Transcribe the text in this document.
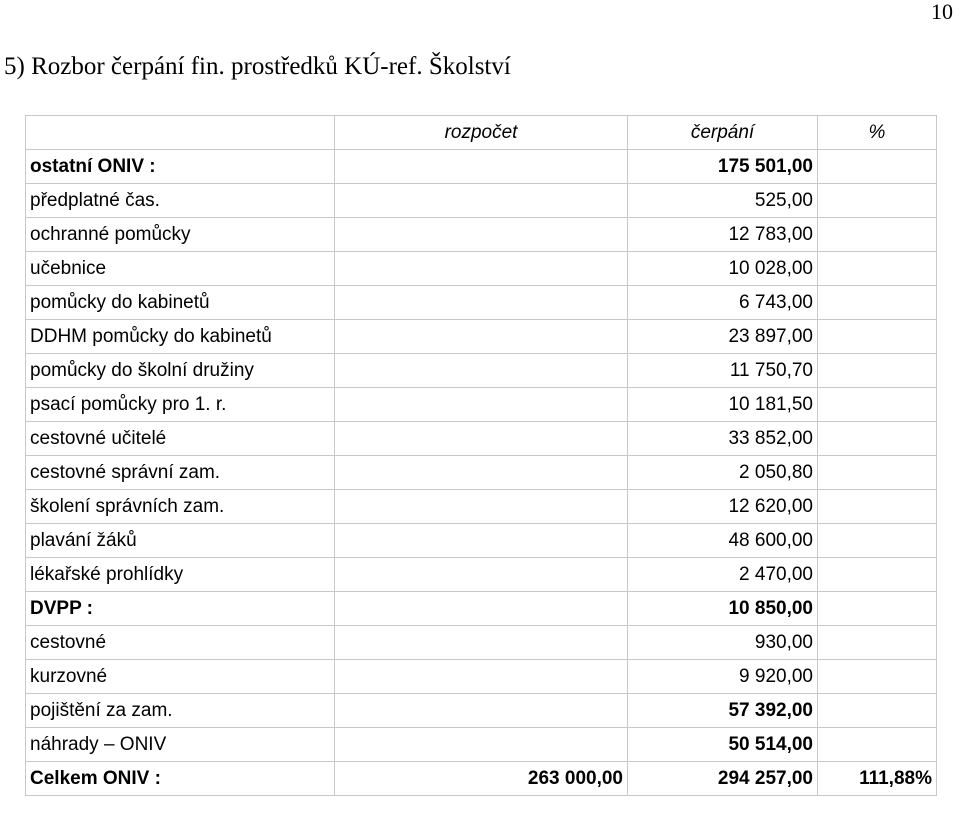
10
5) Rozbor čerpání fin. prostředků KÚ-ref. Školství
	rozpočet	čerpání	%
ostatní ONIV :		175 501,00	
předplatné čas.		525,00	
ochranné pomůcky		12 783,00	
učebnice		10 028,00	
pomůcky do kabinetů		6 743,00	
DDHM pomůcky do kabinetů		23 897,00	
pomůcky do školní družiny		11 750,70	
psací pomůcky pro 1. r.		10 181,50	
cestovné učitelé		33 852,00	
cestovné správní zam.		2 050,80	
školení správních zam.		12 620,00	
plavání žáků		48 600,00	
lékařské prohlídky		2 470,00	
DVPP :		10 850,00	
cestovné		930,00	
kurzovné		9 920,00	
pojištění za zam.		57 392,00	
náhrady – ONIV		50 514,00	
Celkem ONIV :	263 000,00	294 257,00	111,88%
